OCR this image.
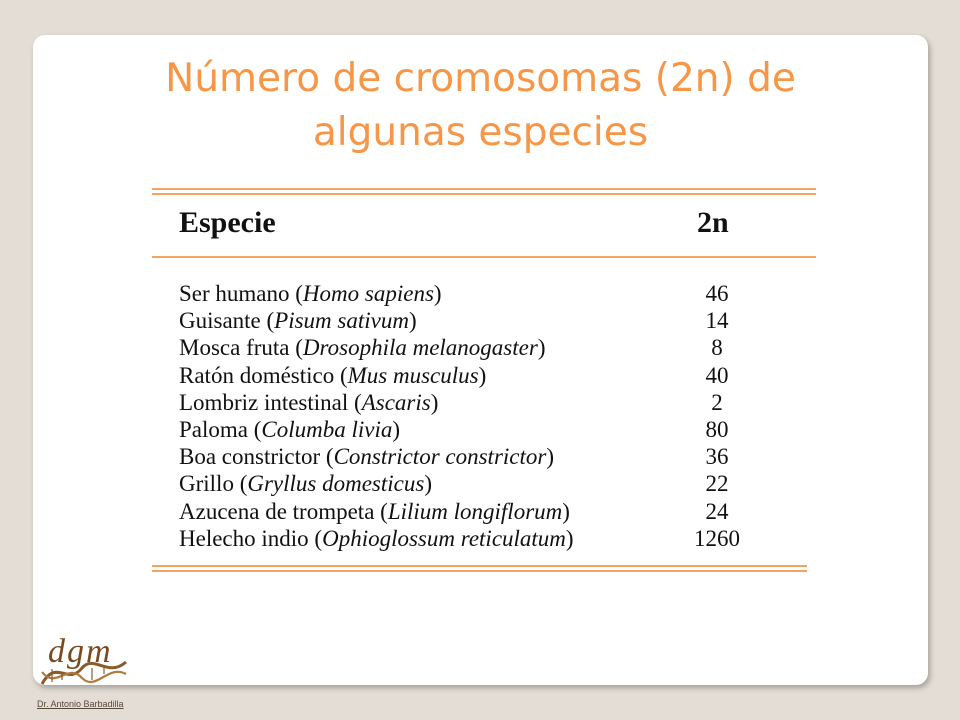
Número de cromosomas (2n) de
algunas especies
Especie	2n
Ser humano (Homo sapiens)	46
Guisante (Pisum sativum)	14
Mosca fruta (Drosophila melanogaster)	8
Ratón doméstico (Mus musculus)	40
Lombriz intestinal (Ascaris)	2
Paloma (Columba livia)	80
Boa constrictor (Constrictor constrictor)	36
Grillo (Gryllus domesticus)	22
Azucena de trompeta (Lilium longiflorum)	24
Helecho indio (Ophioglossum reticulatum)	1260
dgm
Dr. Antonio Barbadilla
